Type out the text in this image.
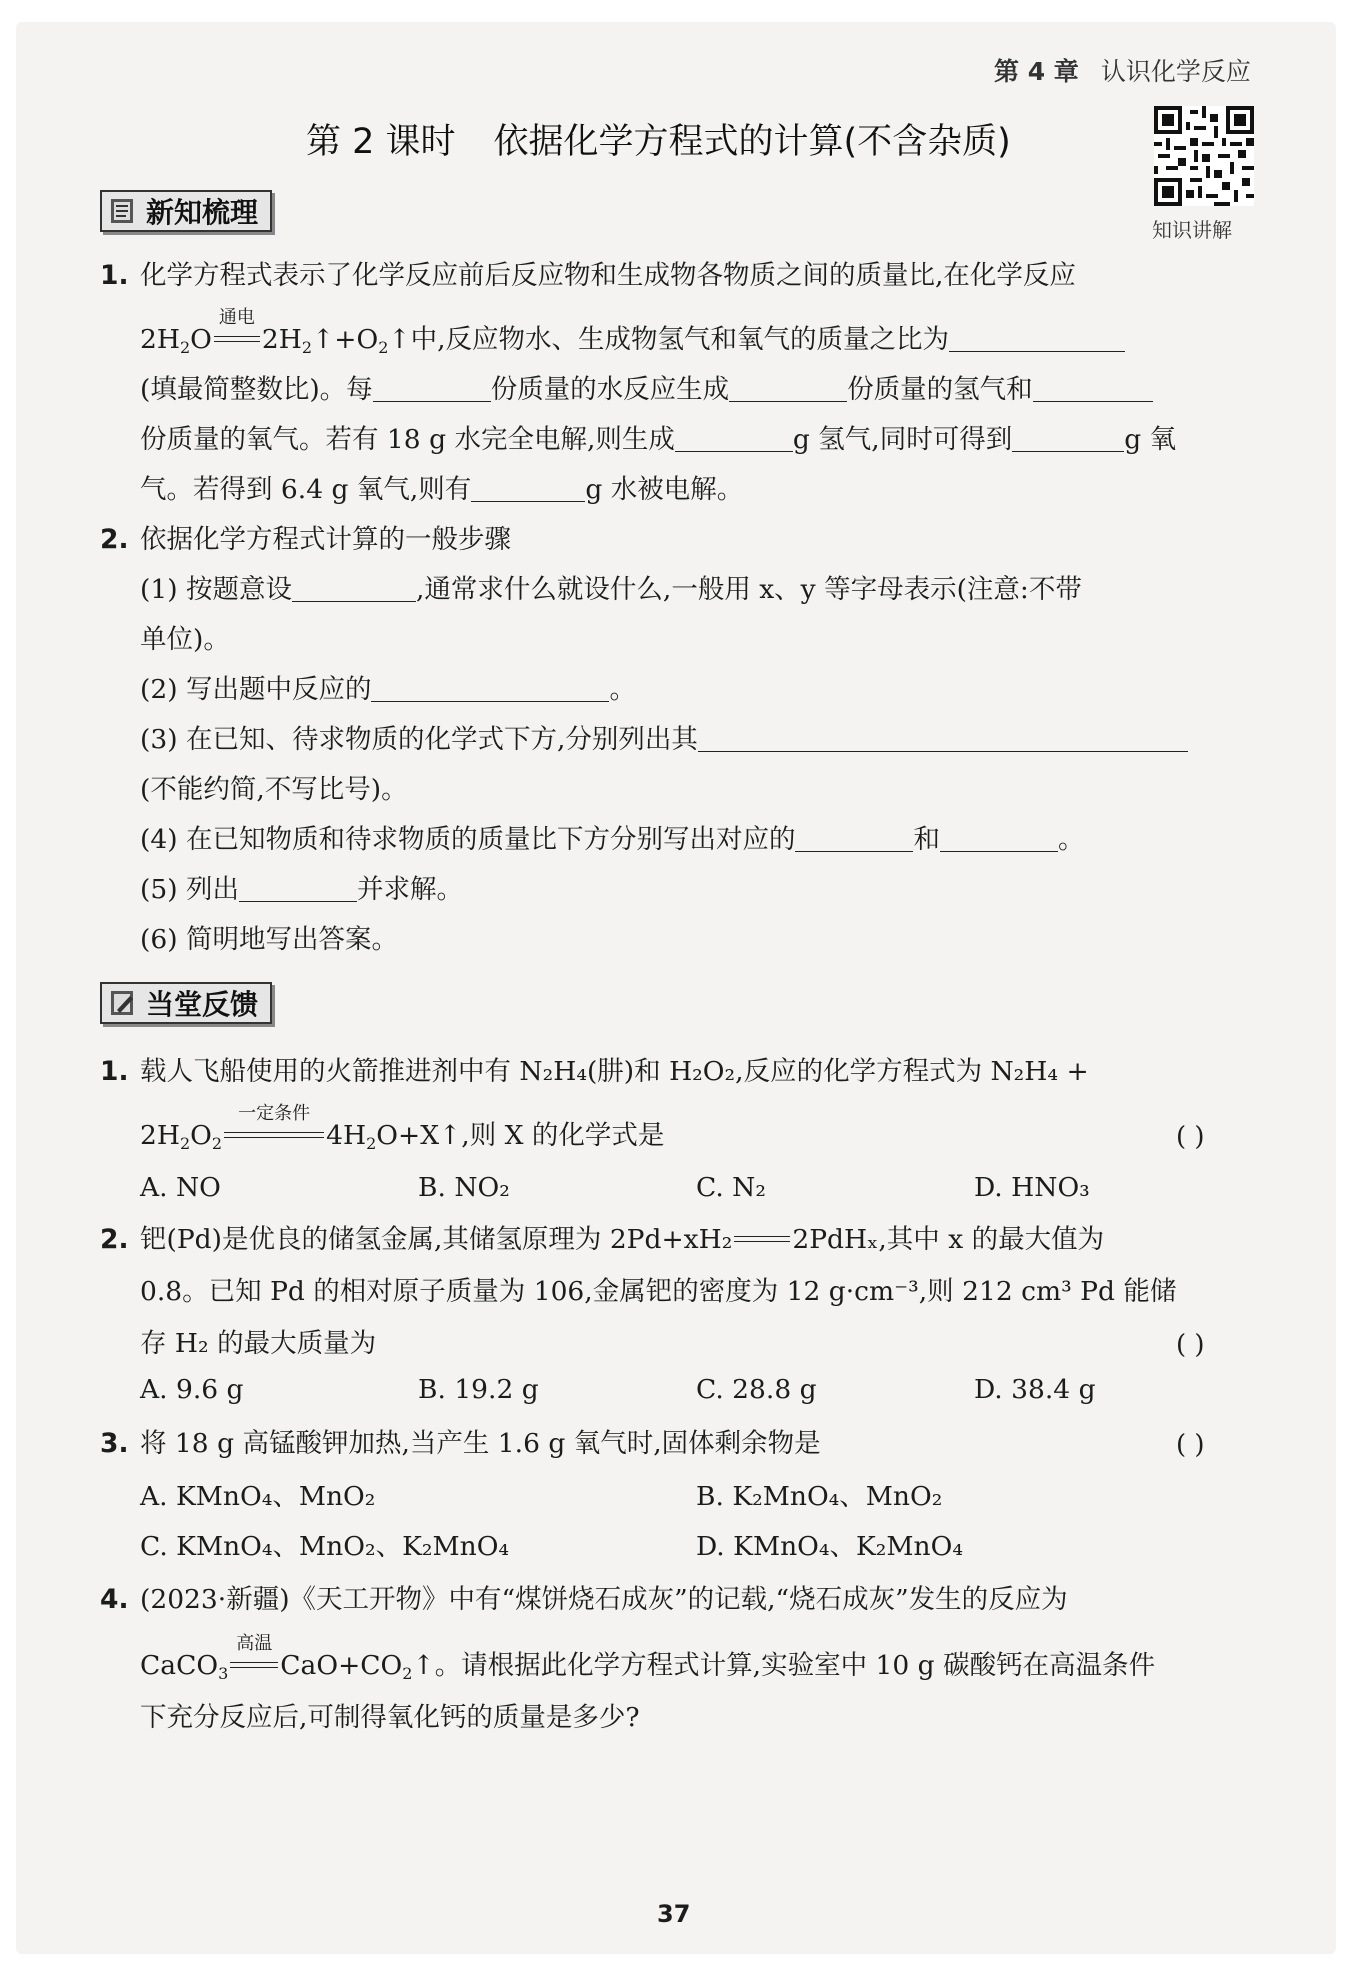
第 4 章 认识化学反应
第 2 课时 依据化学方程式的计算(不含杂质)
知识讲解
新知梳理
1. 化学方程式表示了化学反应前后反应物和生成物各物质之间的质量比,在化学反应
$2H_2O$
通电
$2H_2↑+O_2↑$中,反应物水、生成物氢气和氧气的质量之比为
(填最简整数比)。每	份质量的水反应生成	份质量的氢气和
份质量的氧气。若有 18 g 水完全电解,则生成	g 氢气,同时可得到	g 氧
气。若得到 6.4 g 氧气,则有	g 水被电解。
2. 依据化学方程式计算的一般步骤
(1) 按题意设	,通常求什么就设什么,一般用 x、y 等字母表示(注意:不带
单位)。
(2) 写出题中反应的	。
(3) 在已知、待求物质的化学式下方,分别列出其
(不能约简,不写比号)。
(4) 在已知物质和待求物质的质量比下方分别写出对应的	和	。
(5) 列出	并求解。
(6) 简明地写出答案。
当堂反馈
1. 载人飞船使用的火箭推进剂中有 N₂H₄(肼)和 H₂O₂,反应的化学方程式为 N₂H₄ +
$2H_2O_2$
一定条件
$4H_2O+X↑$,则 X 的化学式是	( )
A. NO	B. NO₂	C. N₂	D. HNO₃
2. 钯(Pd)是优良的储氢金属,其储氢原理为 2Pd+xH₂ 2PdHₓ,其中 x 的最大值为
0.8。已知 Pd 的相对原子质量为 106,金属钯的密度为 12 g·cm⁻³,则 212 cm³ Pd 能储
存 H₂ 的最大质量为	( )
A. 9.6 g	B. 19.2 g	C. 28.8 g	D. 38.4 g
3. 将 18 g 高锰酸钾加热,当产生 1.6 g 氧气时,固体剩余物是	( )
A. KMnO₄、MnO₂	B. K₂MnO₄、MnO₂
C. KMnO₄、MnO₂、K₂MnO₄	D. KMnO₄、K₂MnO₄
4. (2023·新疆)《天工开物》中有“煤饼烧石成灰”的记载,“烧石成灰”发生的反应为
CaCO$_3$
高温
$CaO+CO_2↑$。请根据此化学方程式计算,实验室中 10 g 碳酸钙在高温条件
下充分反应后,可制得氧化钙的质量是多少?
37
